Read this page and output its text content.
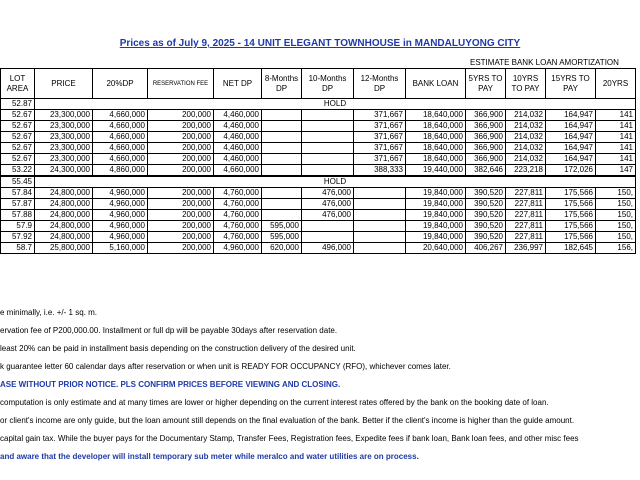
Prices as of July 9, 2025 - 14 UNIT ELEGANT TOWNHOUSE in MANDALUYONG CITY
ESTIMATE BANK LOAN AMORTIZATION
LOT AREA	PRICE	20%DP	RESERVATION FEE	NET DP	8-Months DP	10-Months DP	12-Months DP	BANK LOAN	5YRS TO PAY	10YRS TO PAY	15YRS TO PAY	20YRS
52.87	HOLD											
52.67	23,300,000	4,660,000	200,000	4,460,000			371,667	18,640,000	366,900	214,032	164,947	141
52.67	23,300,000	4,660,000	200,000	4,460,000			371,667	18,640,000	366,900	214,032	164,947	141
52.67	23,300,000	4,660,000	200,000	4,460,000			371,667	18,640,000	366,900	214,032	164,947	141
52.67	23,300,000	4,660,000	200,000	4,460,000			371,667	18,640,000	366,900	214,032	164,947	141
52.67	23,300,000	4,660,000	200,000	4,460,000			371,667	18,640,000	366,900	214,032	164,947	141
53.22	24,300,000	4,860,000	200,000	4,660,000			388,333	19,440,000	382,646	223,218	172,026	147
55.45	HOLD											
57.84	24,800,000	4,960,000	200,000	4,760,000		476,000		19,840,000	390,520	227,811	175,566	150,
57.87	24,800,000	4,960,000	200,000	4,760,000		476,000		19,840,000	390,520	227,811	175,566	150,
57.88	24,800,000	4,960,000	200,000	4,760,000		476,000		19,840,000	390,520	227,811	175,566	150,
57.9	24,800,000	4,960,000	200,000	4,760,000	595,000			19,840,000	390,520	227,811	175,566	150,
57.92	24,800,000	4,960,000	200,000	4,760,000	595,000			19,840,000	390,520	227,811	175,566	150,
58.7	25,800,000	5,160,000	200,000	4,960,000	620,000	496,000		20,640,000	406,267	236,997	182,645	156,
e minimally, i.e. +/- 1 sq. m.
ervation fee of P200,000.00. Installment or full dp will be payable 30days after reservation date.
least 20% can be paid in installment basis depending on the construction delivery of the desired unit.
k guarantee letter 60 calendar days after reservation or when unit is READY FOR OCCUPANCY (RFO), whichever comes later.
ASE WITHOUT PRIOR NOTICE. PLS CONFIRM PRICES BEFORE VIEWING AND CLOSING.
computation is only estimate and at many times are lower or higher depending on the current interest rates offered by the bank on the booking date of loan.
or client's income are only guide, but the loan amount still depends on the final evaluation of the bank. Better if the client's income is higher than the guide amount.
capital gain tax. While the buyer pays for the Documentary Stamp, Transfer Fees, Registration fees, Expedite fees if bank loan, Bank loan fees, and other misc fees
and aware that the developer will install temporary sub meter while meralco and water utilities are on process.
